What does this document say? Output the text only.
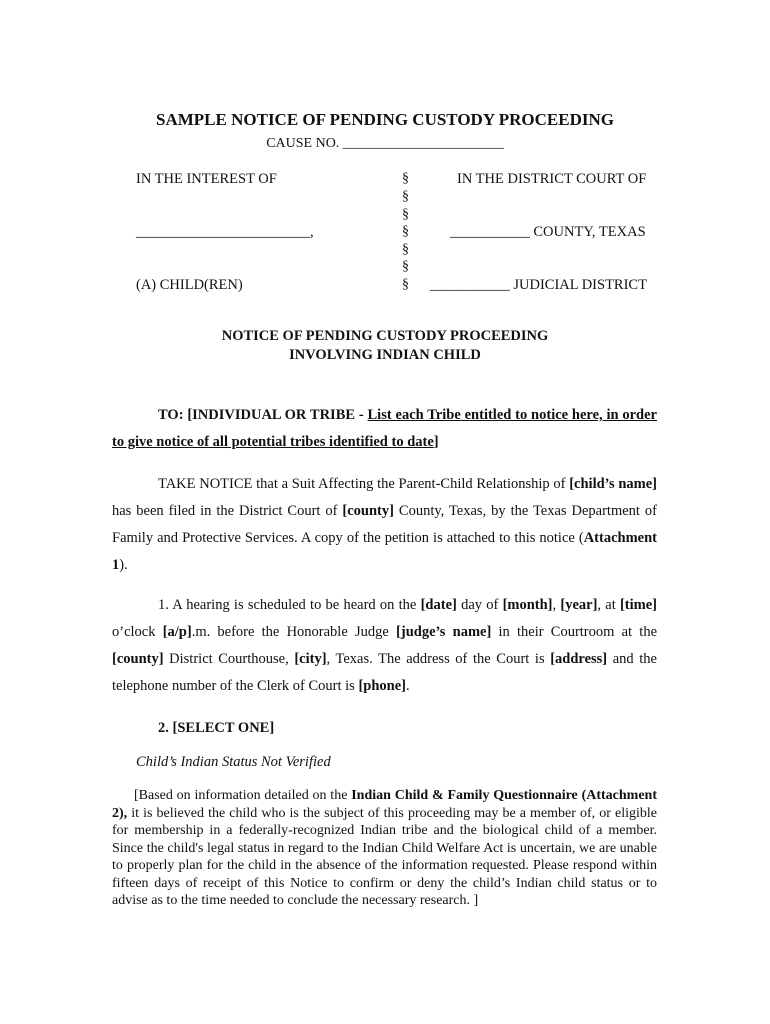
SAMPLE NOTICE OF PENDING CUSTODY PROCEEDING
CAUSE NO. _______________________
IN THE INTEREST OF
________________________,
(A) CHILD(REN)
§
§
§
§
§
§
§
IN THE DISTRICT COURT OF
___________ COUNTY, TEXAS
___________ JUDICIAL DISTRICT
NOTICE OF PENDING CUSTODY PROCEEDING
INVOLVING INDIAN CHILD
TO: [INDIVIDUAL OR TRIBE - List each Tribe entitled to notice here, in order to give notice of all potential tribes identified to date]
TAKE NOTICE that a Suit Affecting the Parent-Child Relationship of [child’s name] has been filed in the District Court of [county] County, Texas, by the Texas Department of Family and Protective Services. A copy of the petition is attached to this notice (Attachment 1).
1. A hearing is scheduled to be heard on the [date] day of [month], [year], at [time] o’clock [a/p].m. before the Honorable Judge [judge’s name] in their Courtroom at the [county] District Courthouse, [city], Texas. The address of the Court is [address] and the telephone number of the Clerk of Court is [phone].
2. [SELECT ONE]
Child’s Indian Status Not Verified
[Based on information detailed on the Indian Child & Family Questionnaire (Attachment 2), it is believed the child who is the subject of this proceeding may be a member of, or eligible for membership in a federally-recognized Indian tribe and the biological child of a member. Since the child's legal status in regard to the Indian Child Welfare Act is uncertain, we are unable to properly plan for the child in the absence of the information requested. Please respond within fifteen days of receipt of this Notice to confirm or deny the child’s Indian child status or to advise as to the time needed to conclude the necessary research. ]
